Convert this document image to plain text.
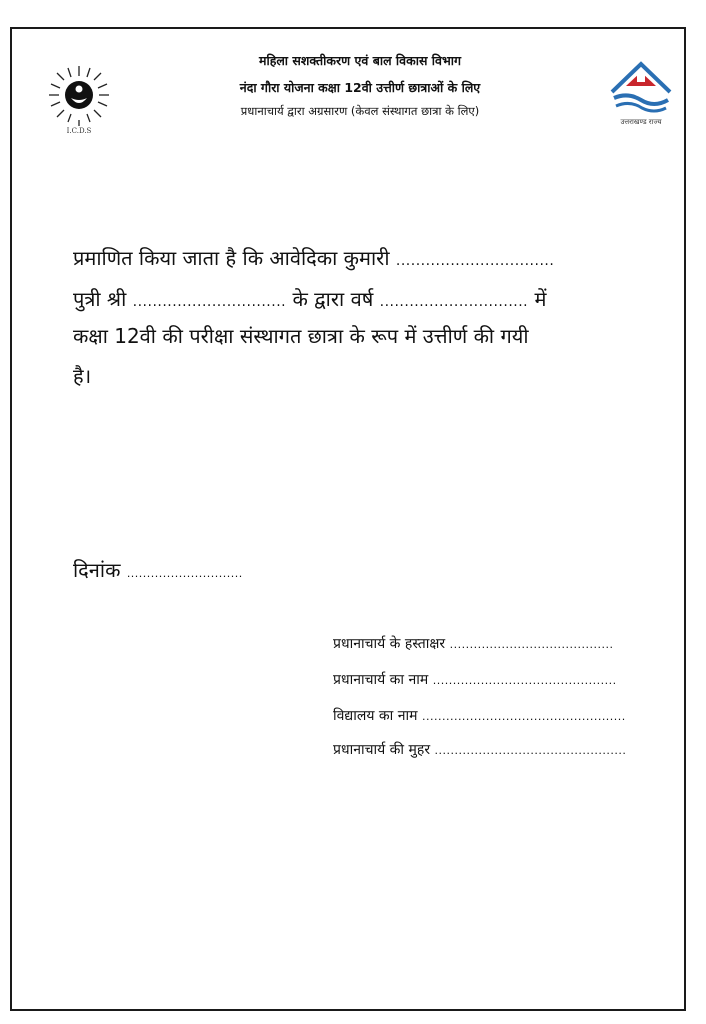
I.C.D.S
उत्तराखण्ड राज्य
महिला सशक्तीकरण एवं बाल विकास विभाग
नंदा गौरा योजना कक्षा 12वी उत्तीर्ण छात्राओं के लिए
प्रधानाचार्य द्वारा अग्रसारण (केवल संस्थागत छात्रा के लिए)
प्रमाणित किया जाता है कि आवेदिका कुमारी ................................
पुत्री श्री ............................... के द्वारा वर्ष .............................. में
कक्षा 12वी की परीक्षा संस्थागत छात्रा के रूप में उत्तीर्ण की गयी
है।
दिनांक .............................
प्रधानाचार्य के हस्ताक्षर .........................................
प्रधानाचार्य का नाम ..............................................
विद्यालय का नाम ...................................................
प्रधानाचार्य की मुहर ................................................
